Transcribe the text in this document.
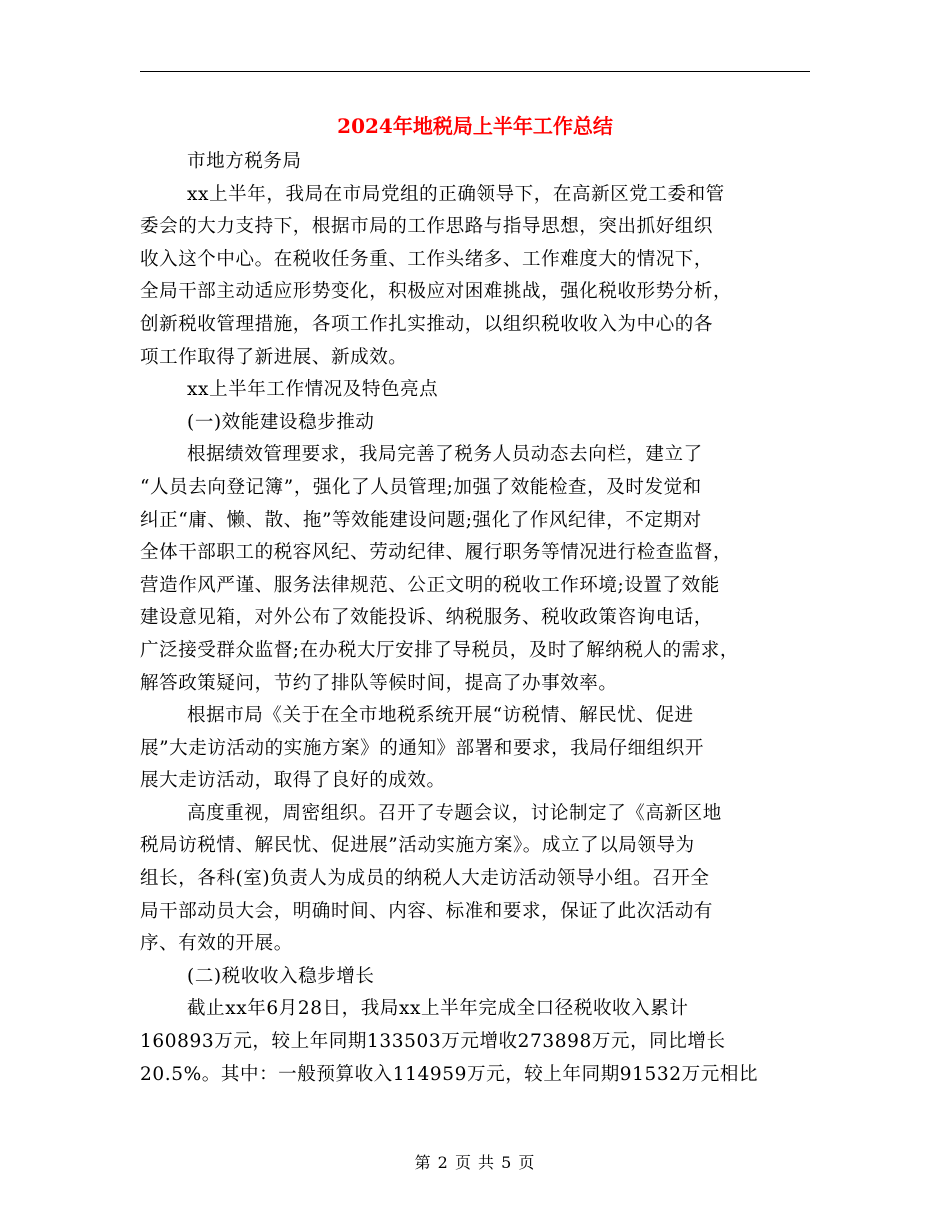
2024年地税局上半年工作总结
市地方税务局
xx上半年，我局在市局党组的正确领导下，在高新区党工委和管
委会的大力支持下，根据市局的工作思路与指导思想，突出抓好组织
收入这个中心。在税收任务重、工作头绪多、工作难度大的情况下，
全局干部主动适应形势变化，积极应对困难挑战，强化税收形势分析，
创新税收管理措施，各项工作扎实推动，以组织税收收入为中心的各
项工作取得了新进展、新成效。
xx上半年工作情况及特色亮点
(一)效能建设稳步推动
根据绩效管理要求，我局完善了税务人员动态去向栏，建立了
“人员去向登记簿”，强化了人员管理;加强了效能检查，及时发觉和
纠正“庸、懒、散、拖”等效能建设问题;强化了作风纪律，不定期对
全体干部职工的税容风纪、劳动纪律、履行职务等情况进行检查监督，
营造作风严谨、服务法律规范、公正文明的税收工作环境;设置了效能
建设意见箱，对外公布了效能投诉、纳税服务、税收政策咨询电话，
广泛接受群众监督;在办税大厅安排了导税员，及时了解纳税人的需求，
解答政策疑问，节约了排队等候时间，提高了办事效率。
根据市局《关于在全市地税系统开展“访税情、解民忧、促进
展”大走访活动的实施方案》的通知》部署和要求，我局仔细组织开
展大走访活动，取得了良好的成效。
高度重视，周密组织。召开了专题会议，讨论制定了《高新区地
税局访税情、解民忧、促进展”活动实施方案》。成立了以局领导为
组长，各科(室)负责人为成员的纳税人大走访活动领导小组。召开全
局干部动员大会，明确时间、内容、标准和要求，保证了此次活动有
序、有效的开展。
(二)税收收入稳步增长
截止xx年6月28日，我局xx上半年完成全口径税收收入累计
160893万元，较上年同期133503万元增收273898万元，同比增长
20.5%。其中：一般预算收入114959万元，较上年同期91532万元相比
第 2 页 共 5 页
